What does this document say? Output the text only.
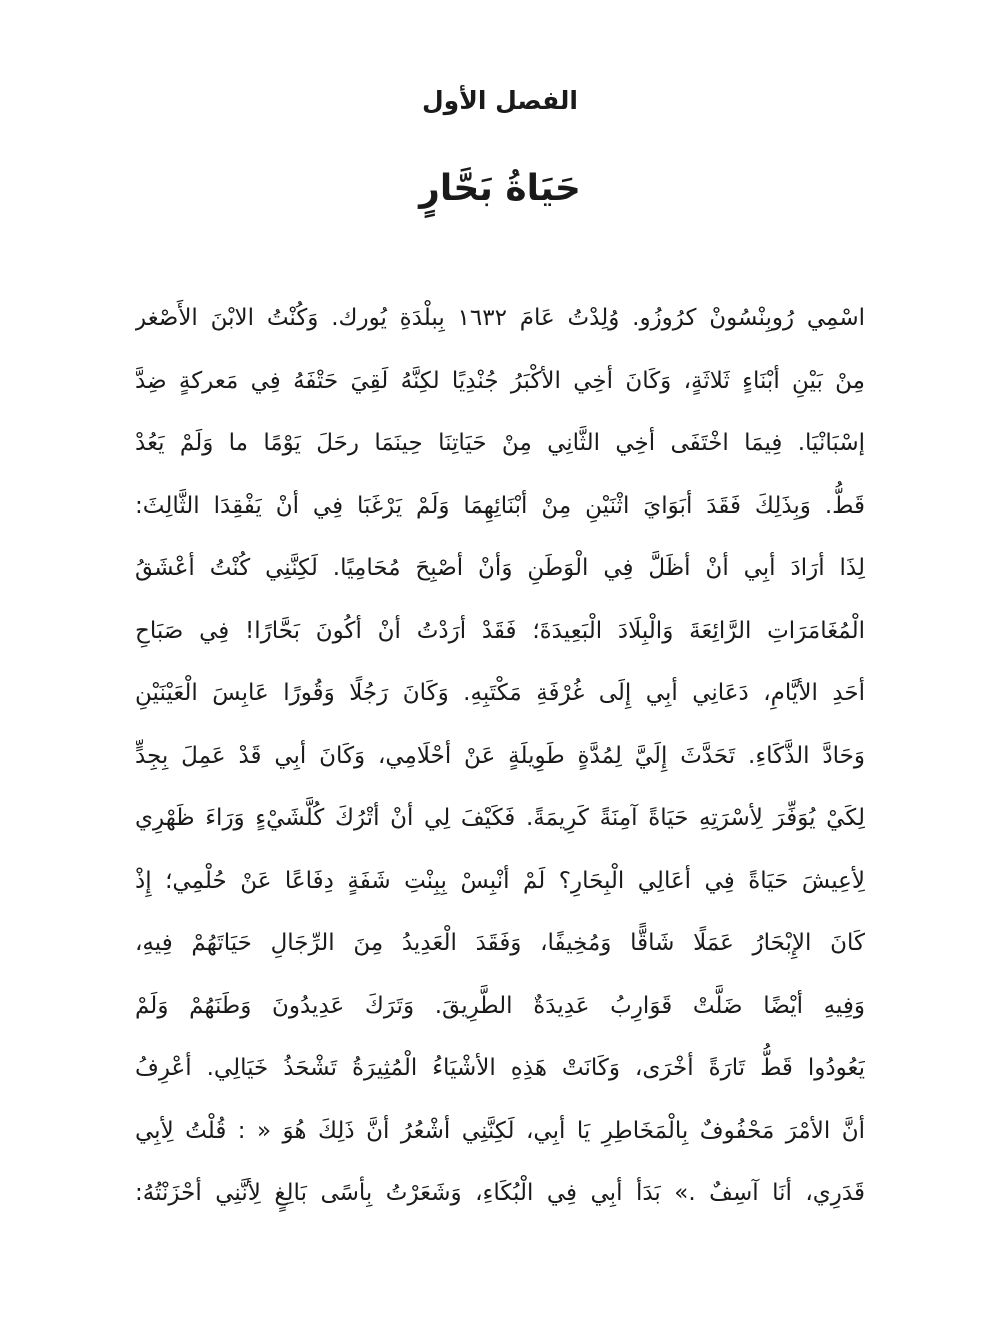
الفصل الأول
حَيَاةُ بَحَّارٍ
اسْمِي رُوبِنْسُونْ كرُوزُو. وُلِدْتُ عَامَ ١٦٣٢ بِبلْدَةِ يُورك. وَكُنْتُ الابْنَ الأَصْغر
مِنْ بَيْنِ أبْنَاءٍ ثَلاثَةٍ، وَكَانَ أخِي الأكْبَرُ جُنْدِيًا لكِنَّهُ لَقِيَ حَتْفَهُ فِي مَعركةٍ ضِدَّ
إسْبَانْيَا. فِيمَا اخْتَفَى أخِي الثَّانِي مِنْ حَيَاتِنَا حِينَمَا رحَلَ يَوْمًا ما وَلَمْ يَعُدْ
قَطُّ. وَبِذَلِكَ فَقَدَ أبَوَايَ اثْنَيْنِ مِنْ أبْنَائِهِمَا وَلَمْ يَرْغَبَا فِي أنْ يَفْقِدَا الثَّالِثَ:
لِذَا أرَادَ أبِي أنْ أظَلَّ فِي الْوَطَنِ وَأنْ أصْبِحَ مُحَامِيًا. لَكِنَّنِي كُنْتُ أعْشَقُ
الْمُغَامَرَاتِ الرَّائِعَةَ وَالْبِلَادَ الْبَعِيدَةَ؛ فَقَدْ أرَدْتُ أنْ أكُونَ بَحَّارًا! فِي صَبَاحِ
أحَدِ الأيَّامِ، دَعَانِي أبِي إِلَى غُرْفَةِ مَكْتَبِهِ. وَكَانَ رَجُلًا وَقُورًا عَابِسَ الْعَيْنَيْنِ
وَحَادَّ الذَّكَاءِ. تَحَدَّثَ إِلَيَّ لِمُدَّةٍ طَوِيلَةٍ عَنْ أحْلَامِي، وَكَانَ أبِي قَدْ عَمِلَ بِجِدٍّ
لِكَيْ يُوَفِّرَ لِأسْرَتِهِ حَيَاةً آمِنَةً كَرِيمَةً. فَكَيْفَ لِي أنْ أتْرُكَ كُلَّشَيْءٍ وَرَاءَ ظَهْرِي
لِأعِيشَ حَيَاةً فِي أعَالِي الْبِحَارِ؟ لَمْ أنْبِسْ بِبِنْتِ شَفَةٍ دِفَاعًا عَنْ حُلْمِي؛ إِذْ
كَانَ الإِبْحَارُ عَمَلًا شَاقًّا وَمُخِيفًا، وَفَقَدَ الْعَدِيدُ مِنَ الرِّجَالِ حَيَاتَهُمْ فِيهِ،
وَفِيهِ أيْضًا ضَلَّتْ قَوَارِبُ عَدِيدَةٌ الطَّرِيقَ. وَتَرَكَ عَدِيدُونَ وَطَنَهُمْ وَلَمْ
يَعُودُوا قَطُّ تَارَةً أخْرَى، وَكَانَتْ هَذِهِ الأشْيَاءُ الْمُثِيرَةُ تَشْحَذُ خَيَالِي. أعْرِفُ
أنَّ الأمْرَ مَحْفُوفٌ بِالْمَخَاطِرِ يَا أبِي، لَكِنَّنِي أشْعُرُ أنَّ ذَلِكَ هُوَ « : قُلْتُ لِأبِي
قَدَرِي، أنَا آسِفٌ .» بَدَأ أبِي فِي الْبُكَاءِ، وَشَعَرْتُ بِأسًى بَالِغٍ لِأنَّنِي أحْزَنْتُهُ:
